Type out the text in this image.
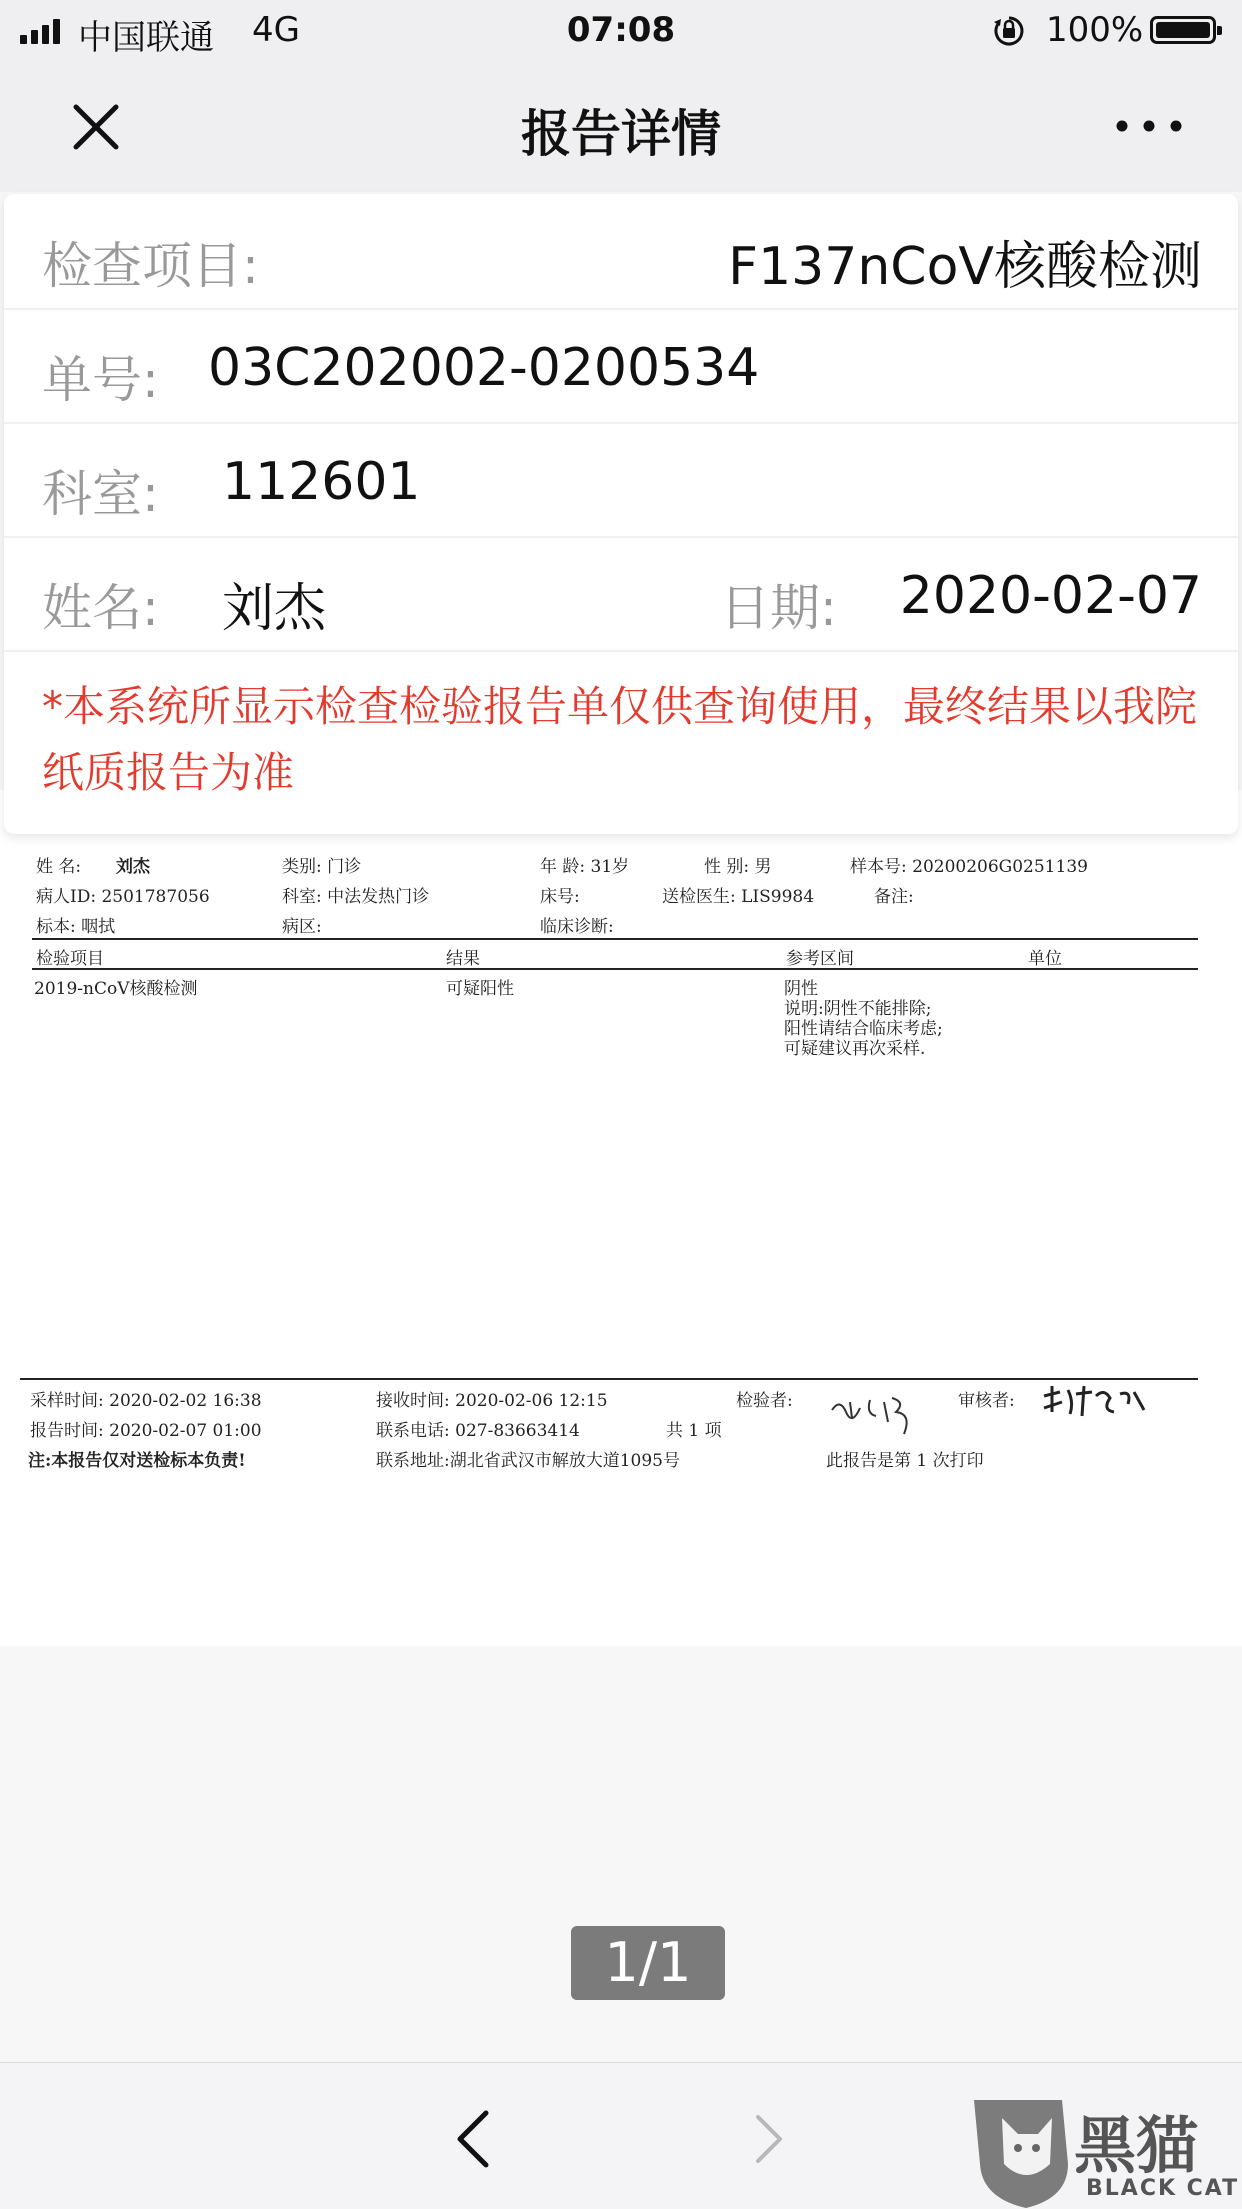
中国联通 4G	07:08	100%
报告详情
检查项目:	F137nCoV核酸检测
单号: 03C202002-0200534
科室: 112601
姓名: 刘杰	日期: 2020-02-07
*本系统所显示检查检验报告单仅供查询使用，最终结果以我院纸质报告为准
姓 名: 刘杰	类别: 门诊	年 龄: 31岁	性 别: 男	样本号: 20200206G0251139
病人ID: 2501787056	科室: 中法发热门诊	床号:	送检医生: LIS9984	备注:
标本: 咽拭	病区:	临床诊断:
检验项目	结果	参考区间	单位
2019-nCoV核酸检测	可疑阳性	阴性
说明:阴性不能排除;
阳性请结合临床考虑;
可疑建议再次采样.
采样时间: 2020-02-02 16:38	接收时间: 2020-02-06 12:15	检验者:	审核者:
报告时间: 2020-02-07 01:00	联系电话: 027-83663414	共 1 项
注:本报告仅对送检标本负责!	联系地址:湖北省武汉市解放大道1095号	此报告是第 1 次打印
1/1
黑猫
BLACK CAT
